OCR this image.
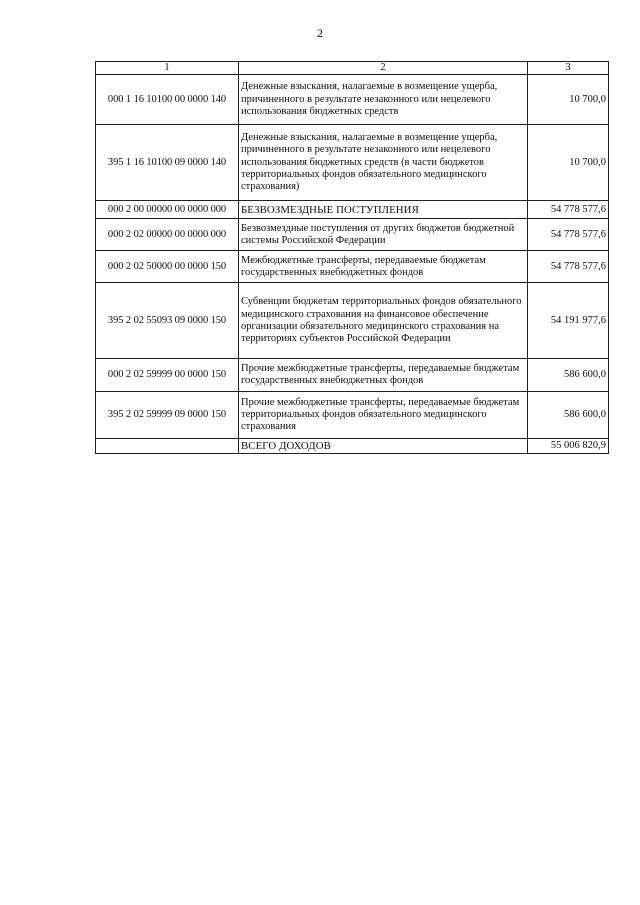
2
1	2	3
000 1 16 10100 00 0000 140	Денежные взыскания, налагаемые в возмещение ущерба, причиненного в результате незаконного или нецелевого использования бюджетных средств	10 700,0
395 1 16 10100 09 0000 140	Денежные взыскания, налагаемые в возмещение ущерба, причиненного в результате незаконного или нецелевого использования бюджетных средств (в части бюджетов территориальных фондов обязательного медицинского страхования)	10 700,0
000 2 00 00000 00 0000 000	БЕЗВОЗМЕЗДНЫЕ ПОСТУПЛЕНИЯ	54 778 577,6
000 2 02 00000 00 0000 000	Безвозмездные поступления от других бюджетов бюджетной системы Российской Федерации	54 778 577,6
000 2 02 50000 00 0000 150	Межбюджетные трансферты, передаваемые бюджетам государственных внебюджетных фондов	54 778 577,6
395 2 02 55093 09 0000 150	Субвенции бюджетам территориальных фондов обязательного медицинского страхования на финансовое обеспечение организации обязательного медицинского страхования на территориях субъектов Российской Федерации	54 191 977,6
000 2 02 59999 00 0000 150	Прочие межбюджетные трансферты, передаваемые бюджетам государственных внебюджетных фондов	586 600,0
395 2 02 59999 09 0000 150	Прочие межбюджетные трансферты, передаваемые бюджетам территориальных фондов обязательного медицинского страхования	586 600,0
	ВСЕГО ДОХОДОВ	55 006 820,9
